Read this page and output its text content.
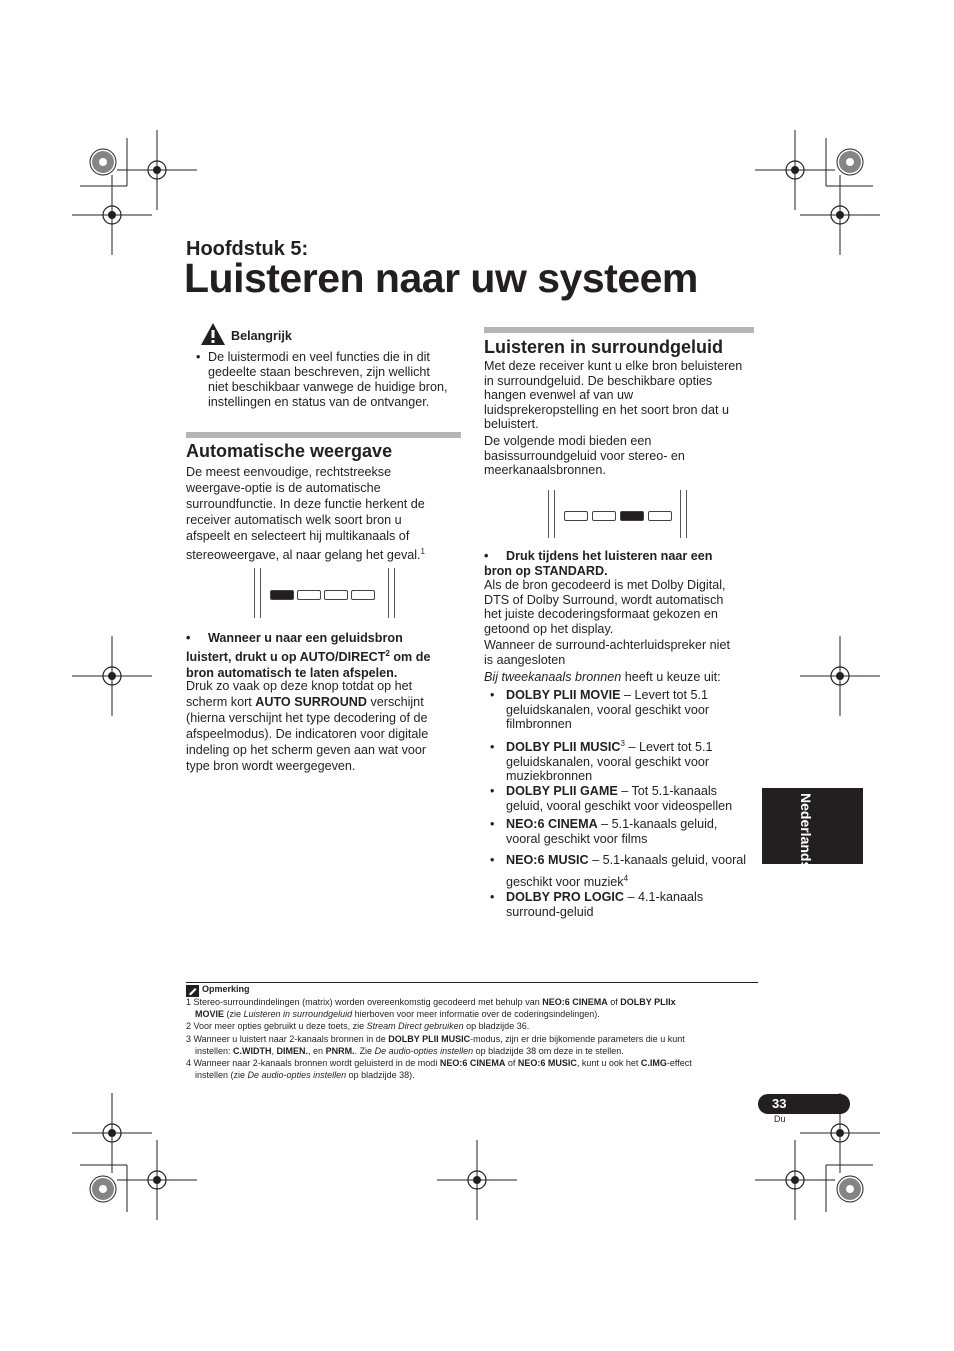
Hoofdstuk 5:
Luisteren naar uw systeem
Belangrijk
• De luistermodi en veel functies die in dit
gedeelte staan beschreven, zijn wellicht
niet beschikbaar vanwege de huidige bron,
instellingen en status van de ontvanger.
Automatische weergave
De meest eenvoudige, rechtstreekse
weergave-optie is de automatische
surroundfunctie. In deze functie herkent de
receiver automatisch welk soort bron u
afspeelt en selecteert hij multikanaals of
stereoweergave, al naar gelang het geval.$^1$
• Wanneer u naar een geluidsbron
luistert, drukt u op AUTO/DIRECT$^2$ om de
bron automatisch te laten afspelen.
Druk zo vaak op deze knop totdat op het
scherm kort AUTO SURROUND verschijnt
(hierna verschijnt het type decodering of de
afspeelmodus). De indicatoren voor digitale
indeling op het scherm geven aan wat voor
type bron wordt weergegeven.
Luisteren in surroundgeluid
Met deze receiver kunt u elke bron beluisteren
in surroundgeluid. De beschikbare opties
hangen evenwel af van uw
luidsprekeropstelling en het soort bron dat u
beluistert.
De volgende modi bieden een
basissurroundgeluid voor stereo- en
meerkanaalsbronnen.
• Druk tijdens het luisteren naar een
bron op STANDARD.
Als de bron gecodeerd is met Dolby Digital,
DTS of Dolby Surround, wordt automatisch
het juiste decoderingsformaat gekozen en
getoond op het display.
Wanneer de surround-achterluidspreker niet
is aangesloten
Bij tweekanaals bronnen heeft u keuze uit:
• DOLBY PLII MOVIE – Levert tot 5.1
geluidskanalen, vooral geschikt voor
filmbronnen
• DOLBY PLII MUSIC$^3$ – Levert tot 5.1
geluidskanalen, vooral geschikt voor
muziekbronnen
• DOLBY PLII GAME – Tot 5.1-kanaals
geluid, vooral geschikt voor videospellen
• NEO:6 CINEMA – 5.1-kanaals geluid,
vooral geschikt voor films
• NEO:6 MUSIC – 5.1-kanaals geluid, vooral
geschikt voor muziek$^4$
• DOLBY PRO LOGIC – 4.1-kanaals
surround-geluid
Nederlands
Opmerking
1 Stereo-surroundindelingen (matrix) worden overeenkomstig gecodeerd met behulp van NEO:6 CINEMA of DOLBY PLIIx
MOVIE (zie Luisteren in surroundgeluid hierboven voor meer informatie over de coderingsindelingen).
2 Voor meer opties gebruikt u deze toets, zie Stream Direct gebruiken op bladzijde 36.
3 Wanneer u luistert naar 2-kanaals bronnen in de DOLBY PLII MUSIC-modus, zijn er drie bijkomende parameters die u kunt
instellen: C.WIDTH, DIMEN., en PNRM.. Zie De audio-opties instellen op bladzijde 38 om deze in te stellen.
4 Wanneer naar 2-kanaals bronnen wordt geluisterd in de modi NEO:6 CINEMA of NEO:6 MUSIC, kunt u ook het C.IMG-effect
instellen (zie De audio-opties instellen op bladzijde 38).
33
Du
